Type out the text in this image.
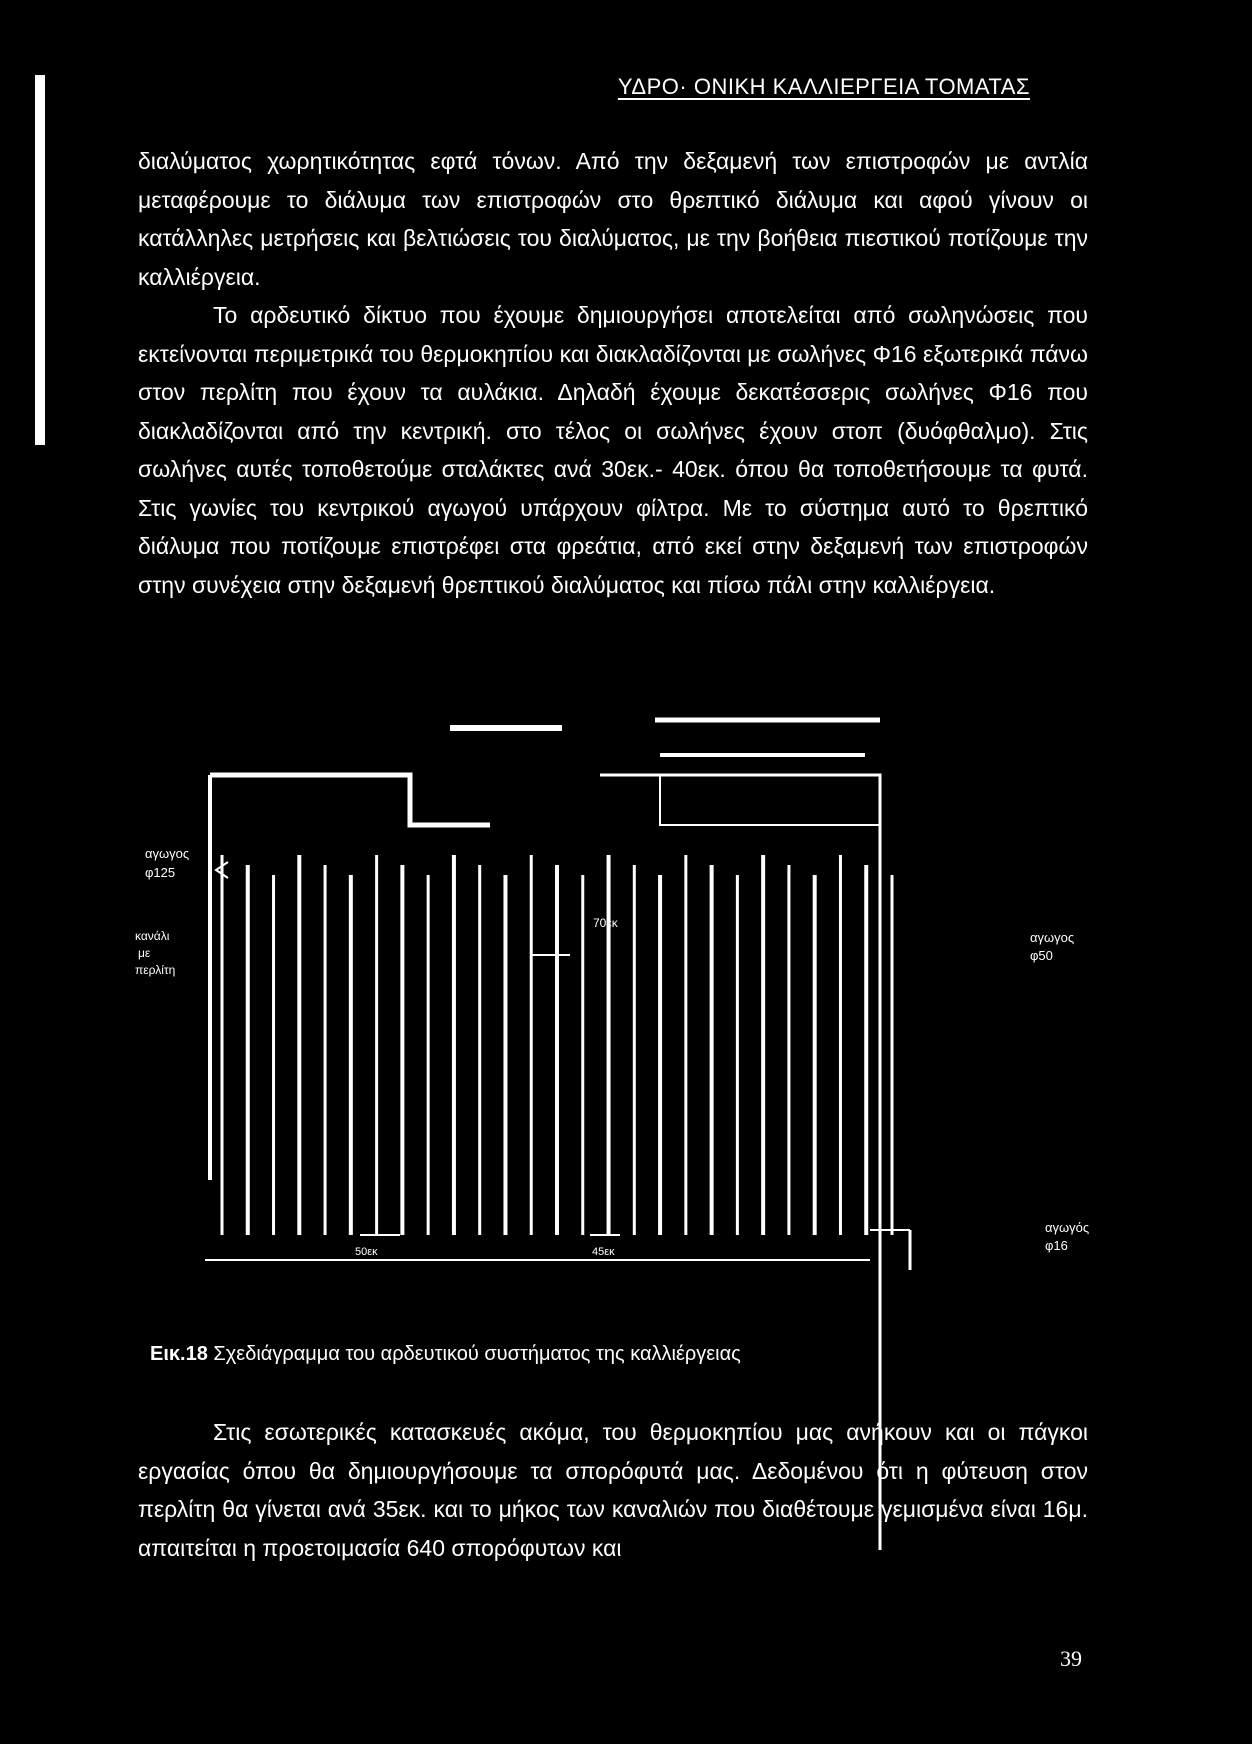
ΥΔΡΟ· ΟΝΙΚΗ ΚΑΛΛΙΕΡΓΕΙΑ ΤΟΜΑΤΑΣ

διαλύματος χωρητικότητας εφτά τόνων. Από την δεξαμενή των επιστροφών με αντλία μεταφέρουμε το διάλυμα των επιστροφών στο θρεπτικό διάλυμα και αφού γίνουν οι κατάλληλες μετρήσεις και βελτιώσεις του διαλύματος, με την βοήθεια πιεστικού ποτίζουμε την καλλιέργεια.

Το αρδευτικό δίκτυο που έχουμε δημιουργήσει αποτελείται από σωληνώσεις που εκτείνονται περιμετρικά του θερμοκηπίου και διακλαδίζονται με σωλήνες Φ16 εξωτερικά πάνω στον περλίτη που έχουν τα αυλάκια. Δηλαδή έχουμε δεκατέσσερις σωλήνες Φ16 που διακλαδίζονται από την κεντρική. στο τέλος οι σωλήνες έχουν στοπ (δυόφθαλμο). Στις σωλήνες αυτές τοποθετούμε σταλάκτες ανά 30εκ.- 40εκ. όπου θα τοποθετήσουμε τα φυτά. Στις γωνίες του κεντρικού αγωγού υπάρχουν φίλτρα. Με το σύστημα αυτό το θρεπτικό διάλυμα που ποτίζουμε επιστρέφει στα φρεάτια, από εκεί στην δεξαμενή των επιστροφών στην συνέχεια στην δεξαμενή θρεπτικού διαλύματος και πίσω πάλι στην καλλιέργεια.

αγωγος
φ125
κανάλι
με
περλίτη
70εκ
αγωγος
φ50
50εκ	45εκ
αγωγός
φ16

Στις εσωτερικές κατασκευές ακόμα, του θερμοκηπίου μας ανήκουν και οι πάγκοι εργασίας όπου θα δημιουργήσουμε τα σπορόφυτά μας. Δεδομένου ότι η φύτευση στον περλίτη θα γίνεται ανά 35εκ. και το μήκος των καναλιών που διαθέτουμε γεμισμένα είναι 16μ. απαιτείται η προετοιμασία 640 σπορόφυτων και

Εικ.18 Σχεδιάγραμμα του αρδευτικού συστήματος της καλλιέργειας
39
